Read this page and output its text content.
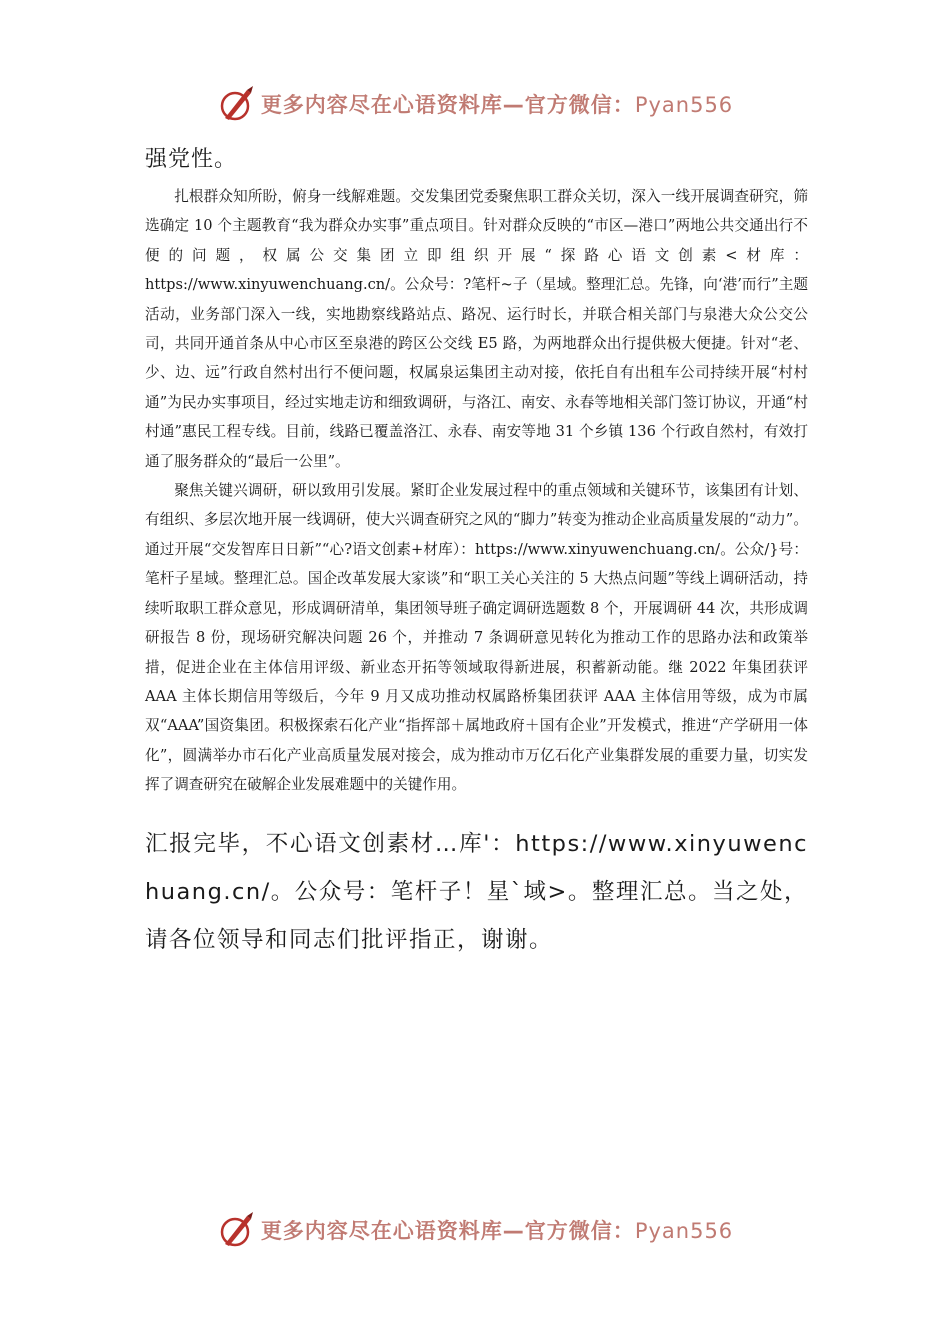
更多内容尽在心语资料库—官方微信：Pyan556

强党性。

扎根群众知所盼，俯身一线解难题。交发集团党委聚焦职工群众关切，深入一线开展调查研究，筛选确定 10 个主题教育“我为群众办实事”重点项目。针对群众反映的“市区—港口”两地公共交通出行不便的问题，权属公交集团立即组织开展“探路心语文创素<材库：https://www.xinyuwenchuang.cn/。公众号：?笔杆~子（星域。整理汇总。先锋，向‘港’而行”主题活动，业务部门深入一线，实地勘察线路站点、路况、运行时长，并联合相关部门与泉港大众公交公司，共同开通首条从中心市区至泉港的跨区公交线 E5 路，为两地群众出行提供极大便捷。针对“老、少、边、远”行政自然村出行不便问题，权属泉运集团主动对接，依托自有出租车公司持续开展“村村通”为民办实事项目，经过实地走访和细致调研，与洛江、南安、永春等地相关部门签订协议，开通“村村通”惠民工程专线。目前，线路已覆盖洛江、永春、南安等地 31 个乡镇 136 个行政自然村，有效打通了服务群众的“最后一公里”。

聚焦关键兴调研，研以致用引发展。紧盯企业发展过程中的重点领域和关键环节，该集团有计划、有组织、多层次地开展一线调研，使大兴调查研究之风的“脚力”转变为推动企业高质量发展的“动力”。通过开展“交发智库日日新”“心?语文创素+材库）：https://www.xinyuwenchuang.cn/。公众/}号：笔杆子星域。整理汇总。国企改革发展大家谈”和“职工关心关注的 5 大热点问题”等线上调研活动，持续听取职工群众意见，形成调研清单，集团领导班子确定调研选题数 8 个，开展调研 44 次，共形成调研报告 8 份，现场研究解决问题 26 个，并推动 7 条调研意见转化为推动工作的思路办法和政策举措，促进企业在主体信用评级、新业态开拓等领域取得新进展，积蓄新动能。继 2022 年集团获评 AAA 主体长期信用等级后，今年 9 月又成功推动权属路桥集团获评 AAA 主体信用等级，成为市属双“AAA”国资集团。积极探索石化产业“指挥部＋属地政府＋国有企业”开发模式，推进“产学研用一体化”，圆满举办市石化产业高质量发展对接会，成为推动市万亿石化产业集群发展的重要力量，切实发挥了调查研究在破解企业发展难题中的关键作用。

汇报完毕，不心语文创素材…库'：https://www.xinyuwenchuang.cn/。公众号：笔杆子！星`域>。整理汇总。当之处，请各位领导和同志们批评指正，谢谢。

更多内容尽在心语资料库—官方微信：Pyan556
